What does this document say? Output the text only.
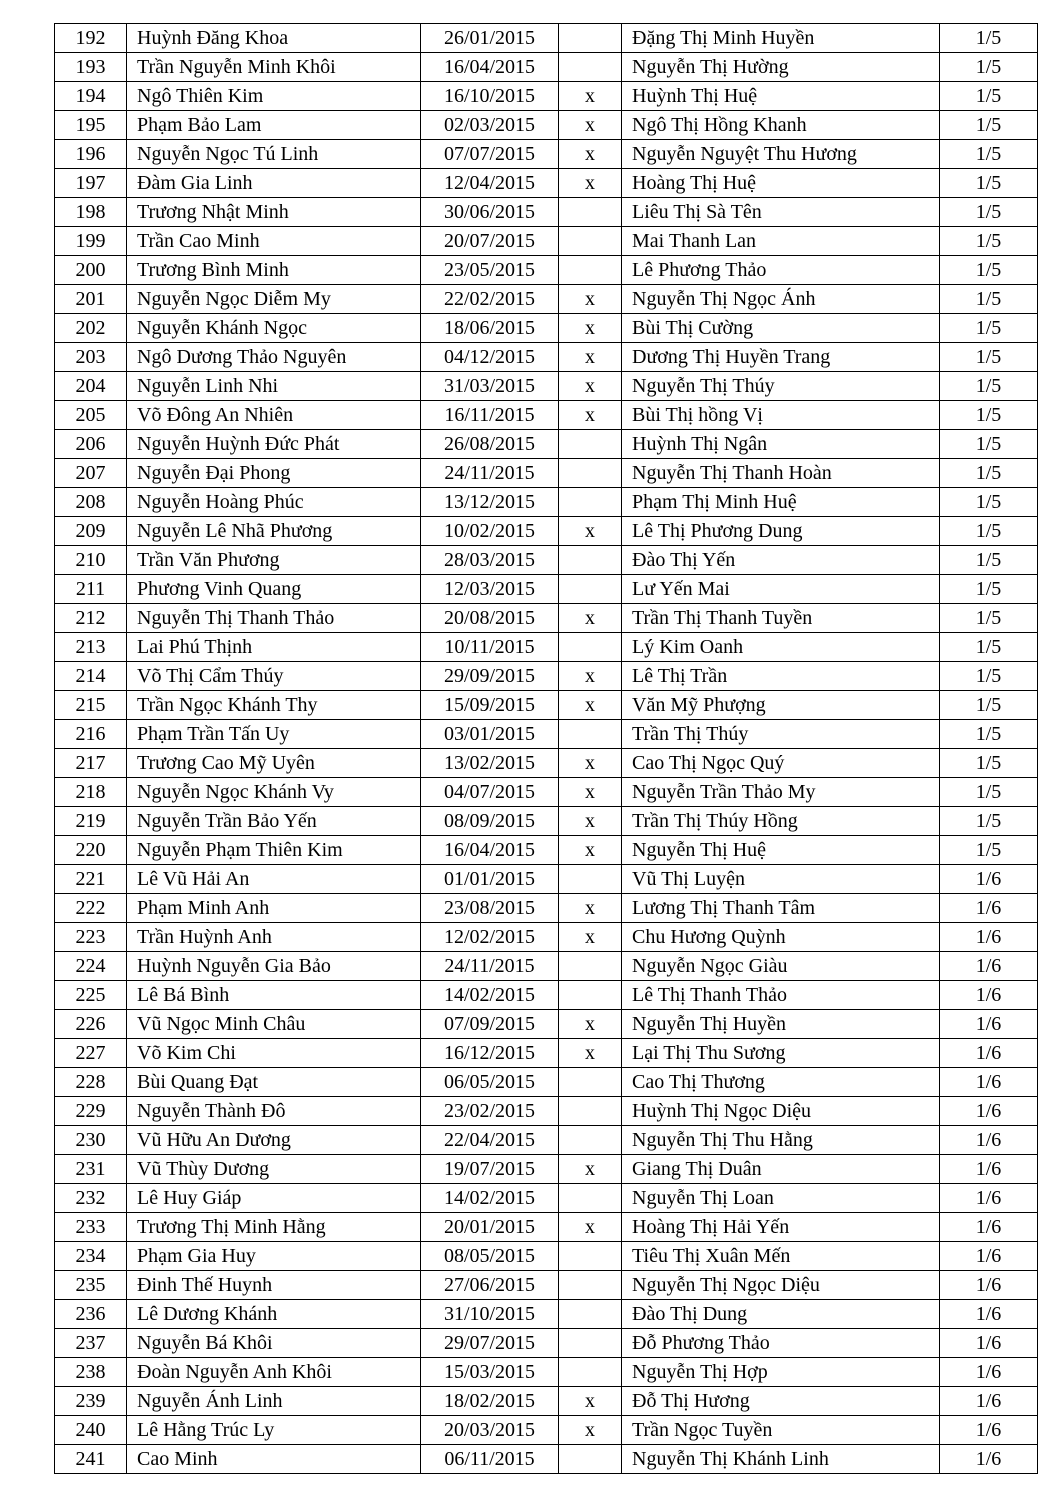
192	Huỳnh Đăng Khoa	26/01/2015		Đặng Thị Minh Huyền	1/5
193	Trần Nguyễn Minh Khôi	16/04/2015		Nguyễn Thị Hường	1/5
194	Ngô Thiên Kim	16/10/2015	x	Huỳnh Thị Huệ	1/5
195	Phạm Bảo Lam	02/03/2015	x	Ngô Thị Hồng Khanh	1/5
196	Nguyễn Ngọc Tú Linh	07/07/2015	x	Nguyễn Nguyệt Thu Hương	1/5
197	Đàm Gia Linh	12/04/2015	x	Hoàng Thị Huệ	1/5
198	Trương Nhật Minh	30/06/2015		Liêu Thị Sà Tên	1/5
199	Trần Cao Minh	20/07/2015		Mai Thanh Lan	1/5
200	Trương Bình Minh	23/05/2015		Lê Phương Thảo	1/5
201	Nguyễn Ngọc Diễm My	22/02/2015	x	Nguyễn Thị Ngọc Ánh	1/5
202	Nguyễn Khánh Ngọc	18/06/2015	x	Bùi Thị Cường	1/5
203	Ngô Dương Thảo Nguyên	04/12/2015	x	Dương Thị Huyền Trang	1/5
204	Nguyễn Linh Nhi	31/03/2015	x	Nguyễn Thị Thúy	1/5
205	Võ Đông An Nhiên	16/11/2015	x	Bùi Thị hồng Vị	1/5
206	Nguyễn Huỳnh Đức Phát	26/08/2015		Huỳnh Thị Ngân	1/5
207	Nguyễn Đại Phong	24/11/2015		Nguyễn Thị Thanh Hoàn	1/5
208	Nguyễn Hoàng Phúc	13/12/2015		Phạm Thị Minh Huệ	1/5
209	Nguyễn Lê Nhã Phương	10/02/2015	x	Lê Thị Phương Dung	1/5
210	Trần Văn Phương	28/03/2015		Đào Thị Yến	1/5
211	Phương Vinh Quang	12/03/2015		Lư Yến Mai	1/5
212	Nguyễn Thị Thanh Thảo	20/08/2015	x	Trần Thị Thanh Tuyền	1/5
213	Lai Phú Thịnh	10/11/2015		Lý Kim Oanh	1/5
214	Võ Thị Cẩm Thúy	29/09/2015	x	Lê Thị Trần	1/5
215	Trần Ngọc Khánh Thy	15/09/2015	x	Văn Mỹ Phượng	1/5
216	Phạm Trần Tấn Uy	03/01/2015		Trần Thị Thúy	1/5
217	Trương Cao Mỹ Uyên	13/02/2015	x	Cao Thị Ngọc Quý	1/5
218	Nguyễn Ngọc Khánh Vy	04/07/2015	x	Nguyễn Trần Thảo My	1/5
219	Nguyễn Trần Bảo Yến	08/09/2015	x	Trần Thị Thúy Hồng	1/5
220	Nguyễn Phạm Thiên Kim	16/04/2015	x	Nguyễn Thị Huệ	1/5
221	Lê Vũ Hải An	01/01/2015		Vũ Thị Luyện	1/6
222	Phạm Minh Anh	23/08/2015	x	Lương Thị Thanh Tâm	1/6
223	Trần Huỳnh Anh	12/02/2015	x	Chu Hương Quỳnh	1/6
224	Huỳnh Nguyễn Gia Bảo	24/11/2015		Nguyễn Ngọc Giàu	1/6
225	Lê Bá Bình	14/02/2015		Lê Thị Thanh Thảo	1/6
226	Vũ Ngọc Minh Châu	07/09/2015	x	Nguyễn Thị Huyền	1/6
227	Võ Kim Chi	16/12/2015	x	Lại Thị Thu Sương	1/6
228	Bùi Quang Đạt	06/05/2015		Cao Thị Thương	1/6
229	Nguyễn Thành Đô	23/02/2015		Huỳnh Thị Ngọc Diệu	1/6
230	Vũ Hữu An Dương	22/04/2015		Nguyễn Thị Thu Hằng	1/6
231	Vũ Thùy Dương	19/07/2015	x	Giang Thị Duân	1/6
232	Lê Huy Giáp	14/02/2015		Nguyễn Thị Loan	1/6
233	Trương Thị Minh Hằng	20/01/2015	x	Hoàng Thị Hải Yến	1/6
234	Phạm Gia Huy	08/05/2015		Tiêu Thị Xuân Mến	1/6
235	Đinh Thế Huynh	27/06/2015		Nguyễn Thị Ngọc Diệu	1/6
236	Lê Dương Khánh	31/10/2015		Đào Thị Dung	1/6
237	Nguyễn Bá Khôi	29/07/2015		Đỗ Phương Thảo	1/6
238	Đoàn Nguyễn Anh Khôi	15/03/2015		Nguyễn Thị Hợp	1/6
239	Nguyễn Ánh Linh	18/02/2015	x	Đỗ Thị Hương	1/6
240	Lê Hằng Trúc Ly	20/03/2015	x	Trần Ngọc Tuyền	1/6
241	Cao Minh	06/11/2015		Nguyễn Thị Khánh Linh	1/6
